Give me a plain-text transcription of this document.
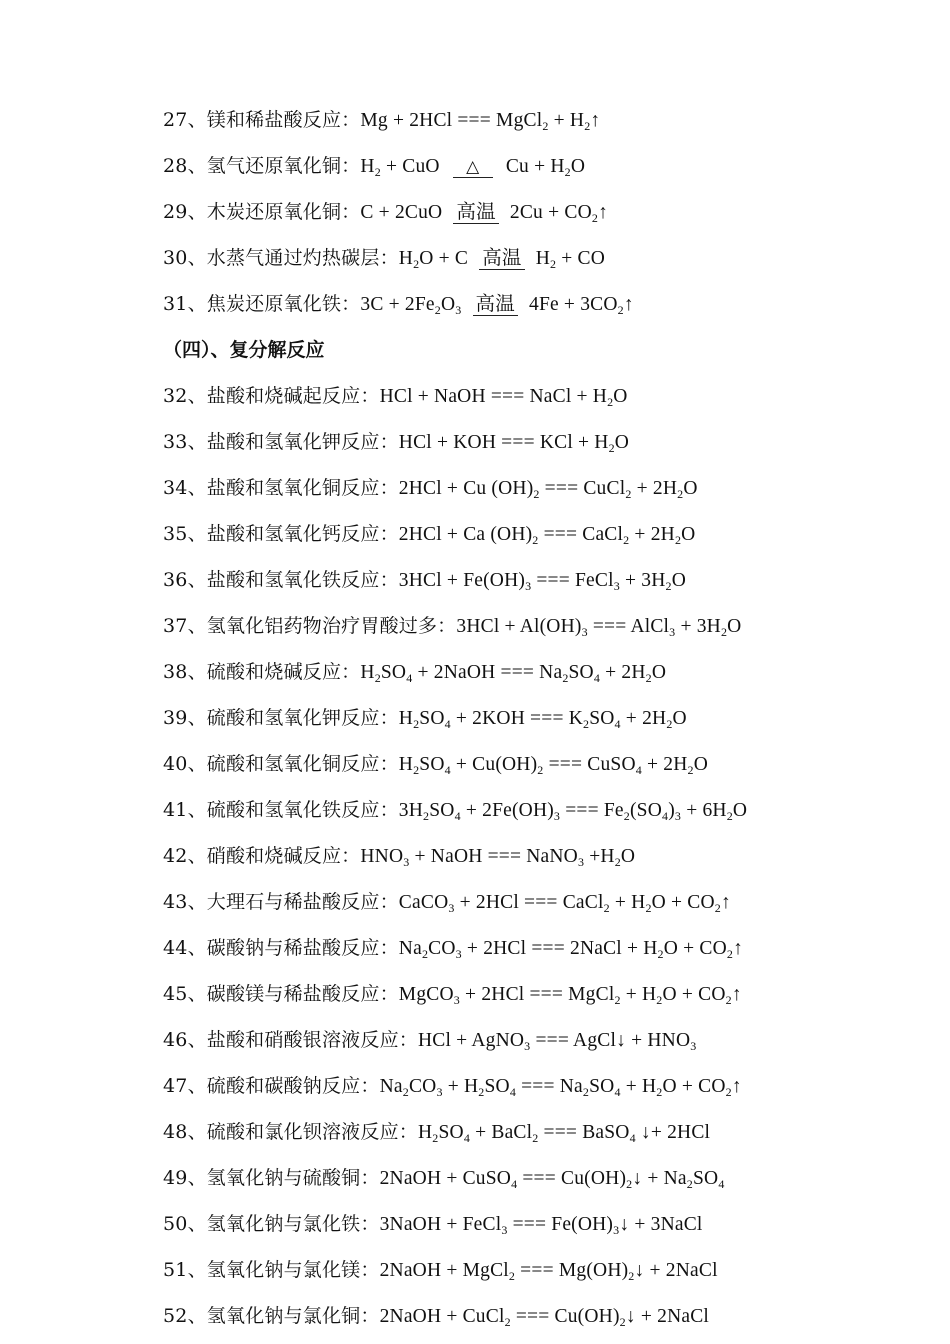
（四）、复分解反应
27、镁和稀盐酸反应：Mg + 2HCl === MgCl$_2$ + $H_2↑$
28、氢气还原氧化铜：$H_2$ + CuO △ $Cu + H_2O$
29、木炭还原氧化铜：C + 2CuO 高温 $2Cu + CO_2↑$
30、水蒸气通过灼热碳层：$H_2O + C$ 高温 $H_2$ + CO
31、焦炭还原氧化铁：$3C + 2Fe_2O_3$ 高温 $4Fe + 3CO_2↑$
32、盐酸和烧碱起反应：HCl + NaOH === NaCl + $H_2O$
33、盐酸和氢氧化钾反应：HCl + KOH === KCl + $H_2O$
34、盐酸和氢氧化铜反应：2HCl + Cu $(OH)_2$ === CuCl$_2$ + $2H_2O$
35、盐酸和氢氧化钙反应：2HCl + Ca $(OH)_2$ === CaCl$_2$ + $2H_2O$
36、盐酸和氢氧化铁反应：$3HCl + Fe(OH)_3$ === FeCl$_3$ + $3H_2O$
37、氢氧化铝药物治疗胃酸过多：$3HCl + Al(OH)_3$ === AlCl$_3$ + $3H_2O$
38、硫酸和烧碱反应：$H_2SO_4$ + 2NaOH === $Na_2SO_4 + 2H_2O$
39、硫酸和氢氧化钾反应：$H_2SO_4 + 2KOH$ === $K_2SO_4 + 2H_2O$
40、硫酸和氢氧化铜反应：$H_2SO_4 + Cu(OH)_2$ === CuSO$_4$ + $2H_2O$
41、硫酸和氢氧化铁反应：$3H_2SO_4 + 2Fe(OH)_3$ === $Fe_2(SO_4)_3 + 6H_2O$
42、硝酸和烧碱反应：$HNO_3$ + NaOH === NaNO$_3$ $+H_2O$
43、大理石与稀盐酸反应：CaCO$_3$ + 2HCl === CaCl$_2$ + $H_2O$ + $CO_2↑$
44、碳酸钠与稀盐酸反应：$Na_2CO_3 + 2HCl$ === 2NaCl + $H_2O$ + $CO_2↑$
45、碳酸镁与稀盐酸反应：MgCO$_3$ + 2HCl === MgCl$_2$ + $H_2O$ + $CO_2↑$
46、盐酸和硝酸银溶液反应：HCl + AgNO$_3$ === AgCl↓ + $HNO_3$
47、硫酸和碳酸钠反应：$Na_2CO_3 + H_2SO_4$ === $Na_2SO_4 + H_2O$ + $CO_2↑$
48、硫酸和氯化钡溶液反应：$H_2SO_4$ + BaCl$_2$ === BaSO$_4$ ↓+ 2HCl
49、氢氧化钠与硫酸铜：2NaOH + CuSO$_4$ === $Cu(OH)_2↓ + Na_2SO_4$
50、氢氧化钠与氯化铁：3NaOH + FeCl$_3$ === $Fe(OH)_3↓$ + 3NaCl
51、氢氧化钠与氯化镁：2NaOH + MgCl$_2$ === $Mg(OH)_2↓$ + 2NaCl
52、氢氧化钠与氯化铜：2NaOH + CuCl$_2$ === $Cu(OH)_2↓$ + 2NaCl
